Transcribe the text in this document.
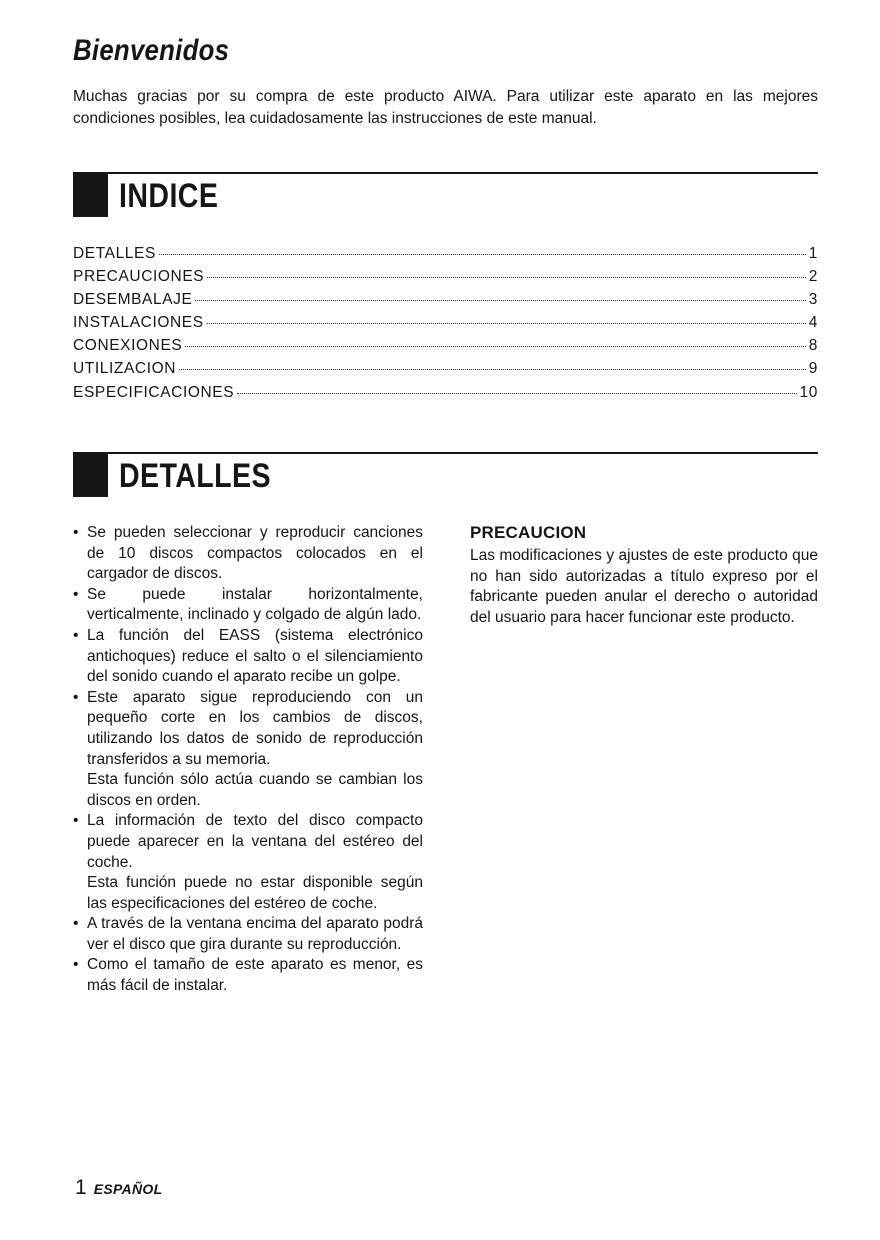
Bienvenidos

Muchas gracias por su compra de este producto AIWA. Para utilizar este aparato en las mejores condiciones posibles, lea cuidadosamente las instrucciones de este manual.

INDICE
DETALLES	1
PRECAUCIONES	2
DESEMBALAJE	3
INSTALACIONES	4
CONEXIONES	8
UTILIZACION	9
ESPECIFICACIONES	10
DETALLES
• Se pueden seleccionar y reproducir canciones de 10 discos compactos colocados en el cargador de discos.

• Se puede instalar horizontalmente, verticalmente, inclinado y colgado de algún lado.

• La función del EASS (sistema electrónico antichoques) reduce el salto o el silenciamiento del sonido cuando el aparato recibe un golpe.

• Este aparato sigue reproduciendo con un pequeño corte en los cambios de discos, utilizando los datos de sonido de reproducción transferidos a su memoria.

Esta función sólo actúa cuando se cambian los discos en orden.

• La información de texto del disco compacto puede aparecer en la ventana del estéreo del coche.

Esta función puede no estar disponible según las especificaciones del estéreo de coche.

• A través de la ventana encima del aparato podrá ver el disco que gira durante su reproducción.

• Como el tamaño de este aparato es menor, es más fácil de instalar.

PRECAUCION

Las modificaciones y ajustes de este producto que no han sido autorizadas a título expreso por el fabricante pueden anular el derecho o autoridad del usuario para hacer funcionar este producto.

1 ESPAÑOL
